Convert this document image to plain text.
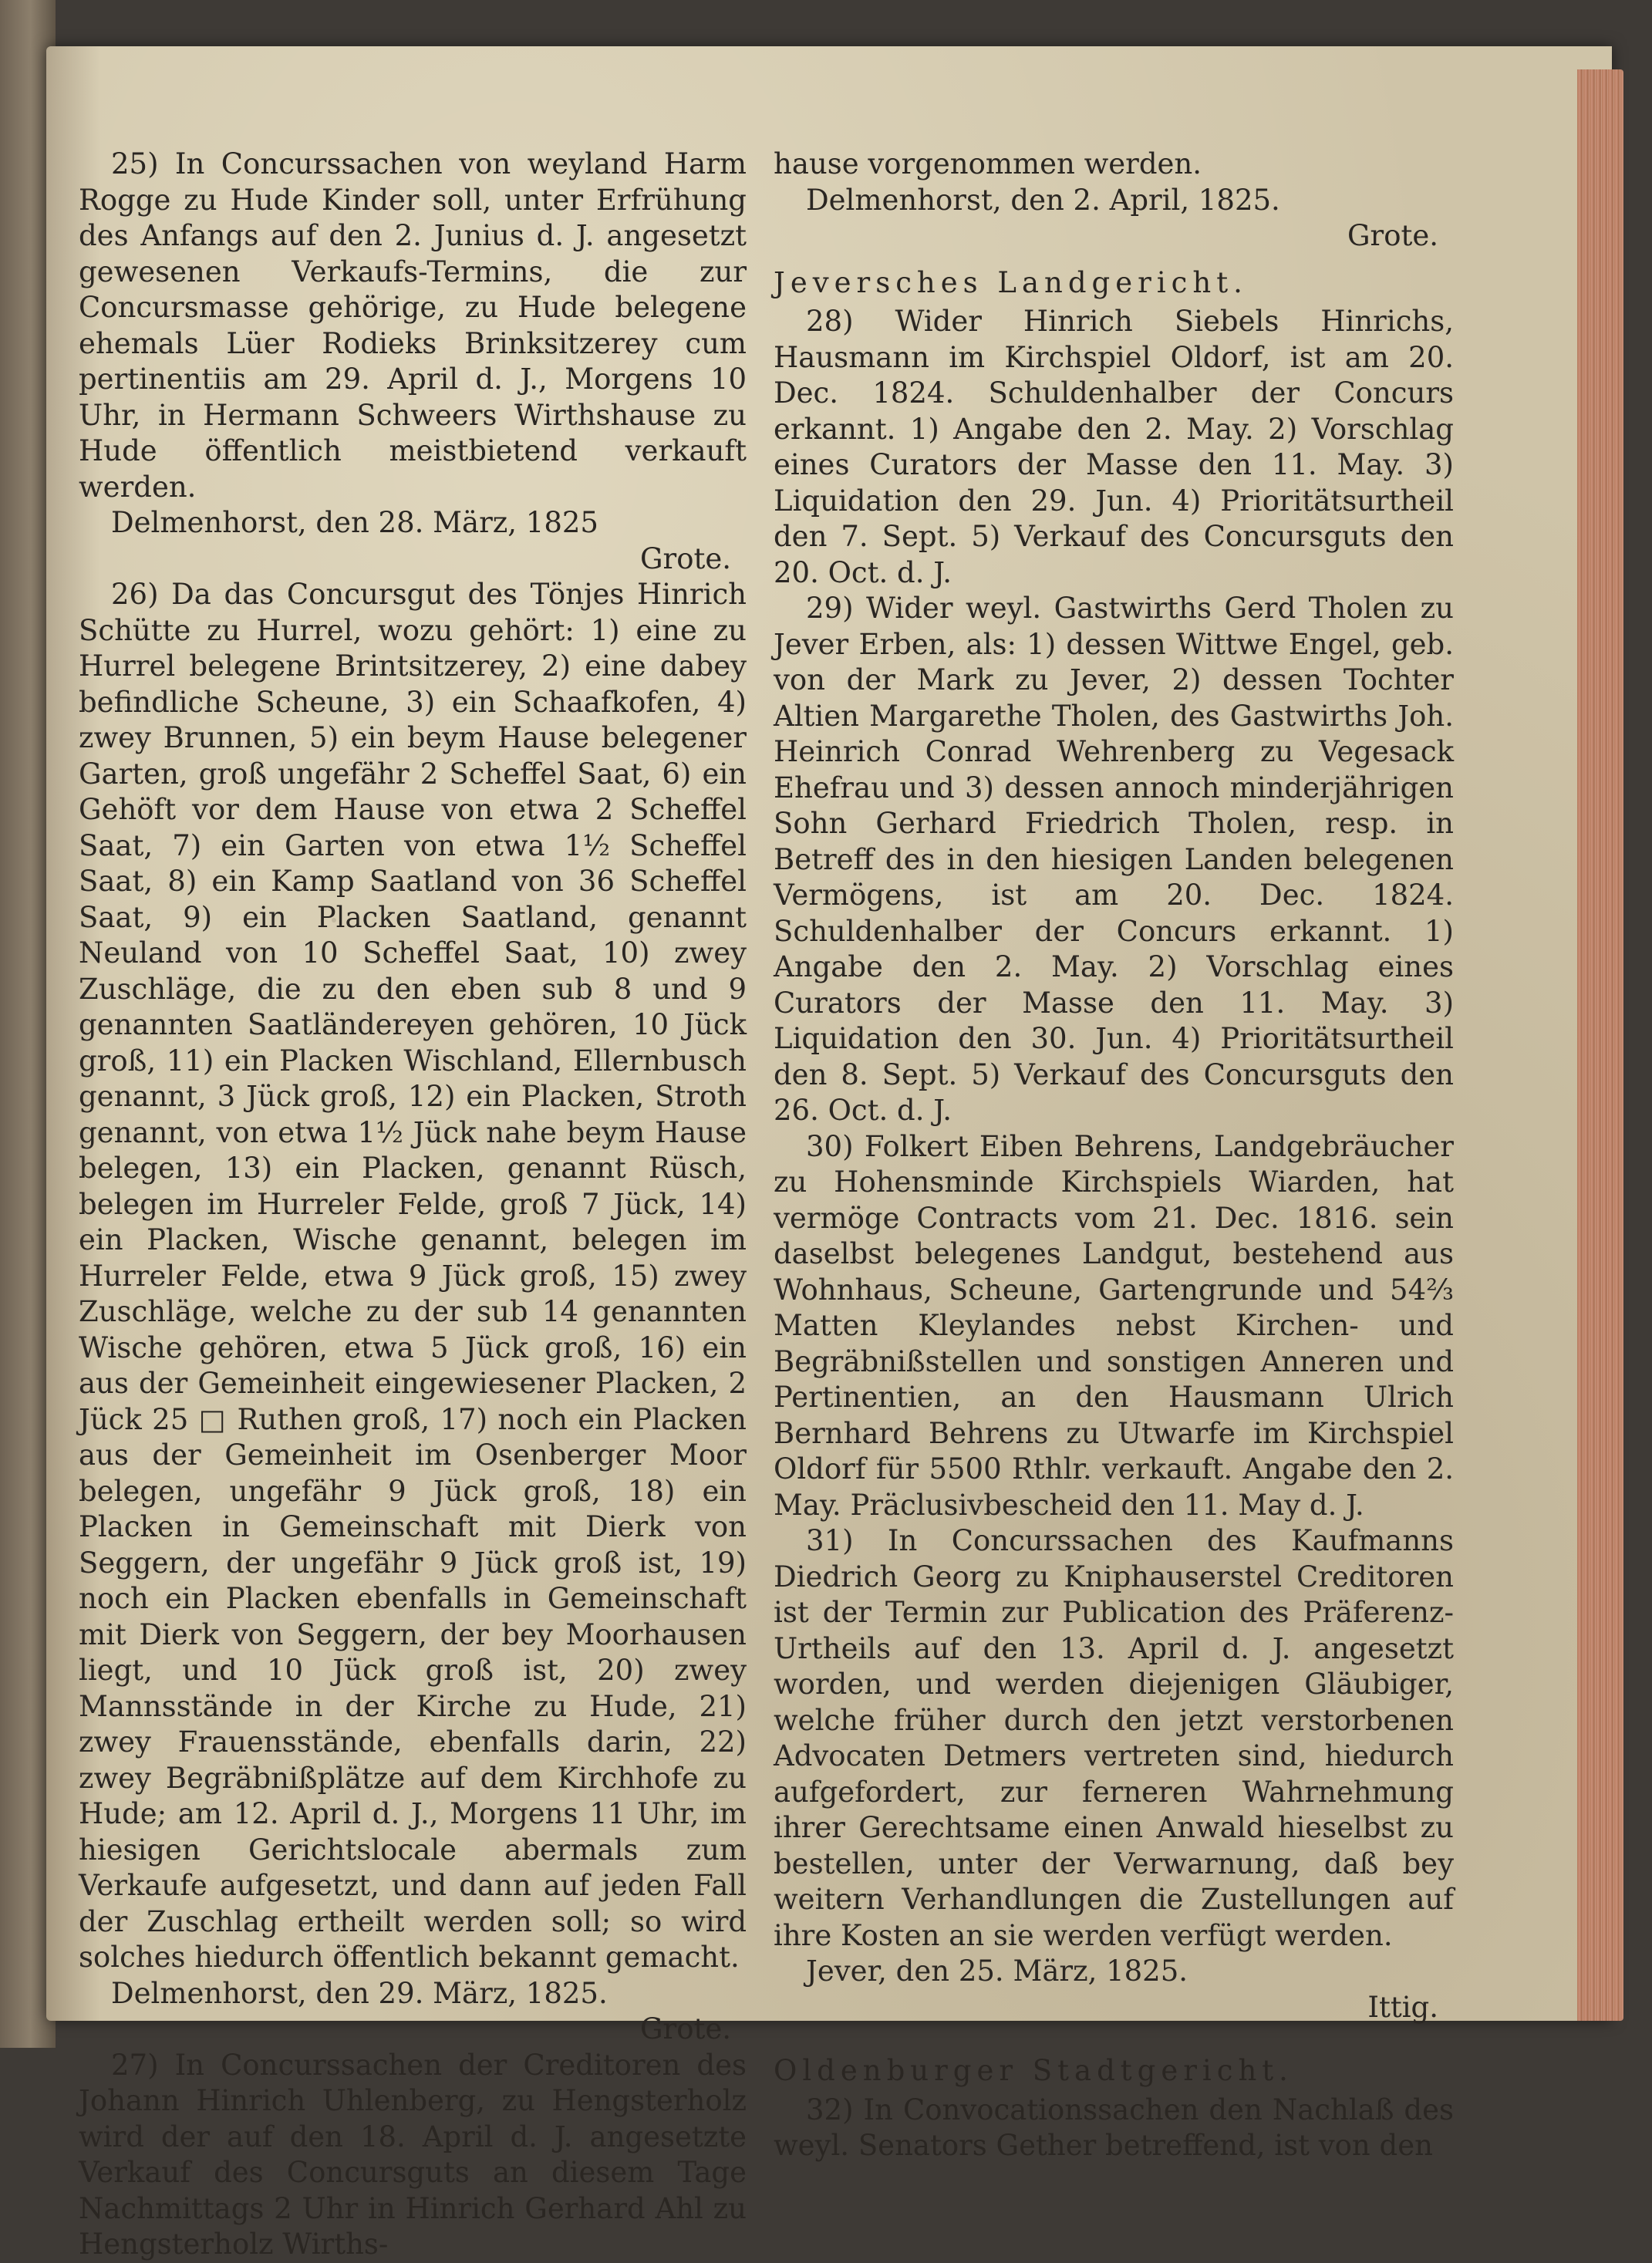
25) In Concurssachen von weyland Harm Rogge zu Hude Kinder soll, unter Erfrühung des Anfangs auf den 2. Junius d. J. angesetzt gewesenen Verkaufs-Termins, die zur Concursmasse gehörige, zu Hude belegene ehemals Lüer Rodieks Brinksitzerey cum pertinentiis am 29. April d. J., Morgens 10 Uhr, in Hermann Schweers Wirthshause zu Hude öffentlich meistbietend verkauft werden.

Delmenhorst, den 28. März, 1825

Grote.

26) Da das Concursgut des Tönjes Hinrich Schütte zu Hurrel, wozu gehört: 1) eine zu Hurrel belegene Brintsitzerey, 2) eine dabey befindliche Scheune, 3) ein Schaafkofen, 4) zwey Brunnen, 5) ein beym Hause belegener Garten, groß ungefähr 2 Scheffel Saat, 6) ein Gehöft vor dem Hause von etwa 2 Scheffel Saat, 7) ein Garten von etwa 1½ Scheffel Saat, 8) ein Kamp Saatland von 36 Scheffel Saat, 9) ein Placken Saatland, genannt Neuland von 10 Scheffel Saat, 10) zwey Zuschläge, die zu den eben sub 8 und 9 genannten Saatländereyen gehören, 10 Jück groß, 11) ein Placken Wischland, Ellernbusch genannt, 3 Jück groß, 12) ein Placken, Stroth genannt, von etwa 1½ Jück nahe beym Hause belegen, 13) ein Placken, genannt Rüsch, belegen im Hurreler Felde, groß 7 Jück, 14) ein Placken, Wische genannt, belegen im Hurreler Felde, etwa 9 Jück groß, 15) zwey Zuschläge, welche zu der sub 14 genannten Wische gehören, etwa 5 Jück groß, 16) ein aus der Gemeinheit eingewiesener Placken, 2 Jück 25 □ Ruthen groß, 17) noch ein Placken aus der Gemeinheit im Osenberger Moor belegen, ungefähr 9 Jück groß, 18) ein Placken in Gemeinschaft mit Dierk von Seggern, der ungefähr 9 Jück groß ist, 19) noch ein Placken ebenfalls in Gemeinschaft mit Dierk von Seggern, der bey Moorhausen liegt, und 10 Jück groß ist, 20) zwey Mannsstände in der Kirche zu Hude, 21) zwey Frauensstände, ebenfalls darin, 22) zwey Begräbnißplätze auf dem Kirchhofe zu Hude; am 12. April d. J., Morgens 11 Uhr, im hiesigen Gerichtslocale abermals zum Verkaufe aufgesetzt, und dann auf jeden Fall der Zuschlag ertheilt werden soll; so wird solches hiedurch öffentlich bekannt gemacht.

Delmenhorst, den 29. März, 1825.

Grote.

27) In Concurssachen der Creditoren des Johann Hinrich Uhlenberg, zu Hengsterholz wird der auf den 18. April d. J. angesetzte Verkauf des Concursguts an diesem Tage Nachmittags 2 Uhr in Hinrich Gerhard Ahl zu Hengsterholz Wirths-

hause vorgenommen werden.

Delmenhorst, den 2. April, 1825.

Grote.

Jeversches Landgericht.

28) Wider Hinrich Siebels Hinrichs, Hausmann im Kirchspiel Oldorf, ist am 20. Dec. 1824. Schuldenhalber der Concurs erkannt. 1) Angabe den 2. May. 2) Vorschlag eines Curators der Masse den 11. May. 3) Liquidation den 29. Jun. 4) Prioritätsurtheil den 7. Sept. 5) Verkauf des Concursguts den 20. Oct. d. J.

29) Wider weyl. Gastwirths Gerd Tholen zu Jever Erben, als: 1) dessen Wittwe Engel, geb. von der Mark zu Jever, 2) dessen Tochter Altien Margarethe Tholen, des Gastwirths Joh. Heinrich Conrad Wehrenberg zu Vegesack Ehefrau und 3) dessen annoch minderjährigen Sohn Gerhard Friedrich Tholen, resp. in Betreff des in den hiesigen Landen belegenen Vermögens, ist am 20. Dec. 1824. Schuldenhalber der Concurs erkannt. 1) Angabe den 2. May. 2) Vorschlag eines Curators der Masse den 11. May. 3) Liquidation den 30. Jun. 4) Prioritätsurtheil den 8. Sept. 5) Verkauf des Concursguts den 26. Oct. d. J.

30) Folkert Eiben Behrens, Landgebräucher zu Hohensminde Kirchspiels Wiarden, hat vermöge Contracts vom 21. Dec. 1816. sein daselbst belegenes Landgut, bestehend aus Wohnhaus, Scheune, Gartengrunde und 54⅔ Matten Kleylandes nebst Kirchen- und Begräbnißstellen und sonstigen Anneren und Pertinentien, an den Hausmann Ulrich Bernhard Behrens zu Utwarfe im Kirchspiel Oldorf für 5500 Rthlr. verkauft. Angabe den 2. May. Präclusivbescheid den 11. May d. J.

31) In Concurssachen des Kaufmanns Diedrich Georg zu Kniphauserstel Creditoren ist der Termin zur Publication des Präferenz-Urtheils auf den 13. April d. J. angesetzt worden, und werden diejenigen Gläubiger, welche früher durch den jetzt verstorbenen Advocaten Detmers vertreten sind, hiedurch aufgefordert, zur ferneren Wahrnehmung ihrer Gerechtsame einen Anwald hieselbst zu bestellen, unter der Verwarnung, daß bey weitern Verhandlungen die Zustellungen auf ihre Kosten an sie werden verfügt werden.

Jever, den 25. März, 1825.

Ittig.

Oldenburger Stadtgericht.

32) In Convocationssachen den Nachlaß des weyl. Senators Gether betreffend, ist von den
